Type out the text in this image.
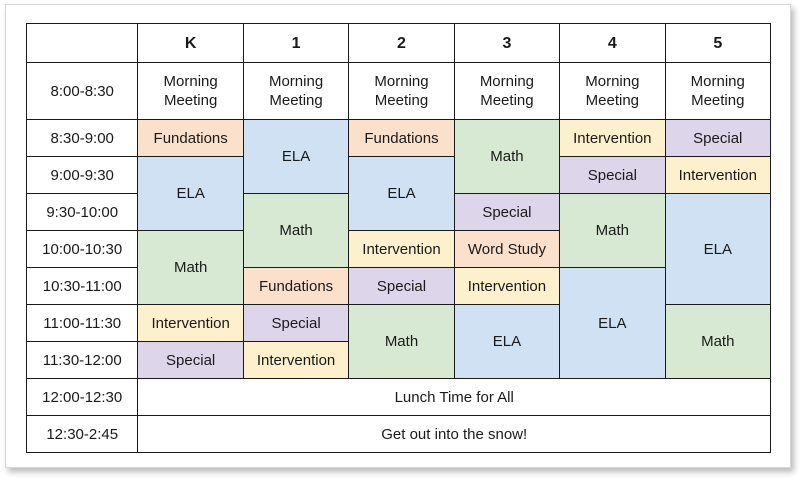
	K	1	2	3	4	5
8:00-8:30	Morning Meeting	Morning Meeting	Morning Meeting	Morning Meeting	Morning Meeting	Morning Meeting
8:30-9:00	Fundations	ELA	Fundations	Math	Intervention	Special
9:00-9:30	ELA		ELA		Special	Intervention
9:30-10:00		Math		Special	Math	ELA
10:00-10:30	Math		Intervention	Word Study		
10:30-11:00		Fundations	Special	Intervention	ELA	
11:00-11:30	Intervention	Special	Math	ELA		Math
11:30-12:00	Special	Intervention				
12:00-12:30	Lunch Time for All					
12:30-2:45	Get out into the snow!					
